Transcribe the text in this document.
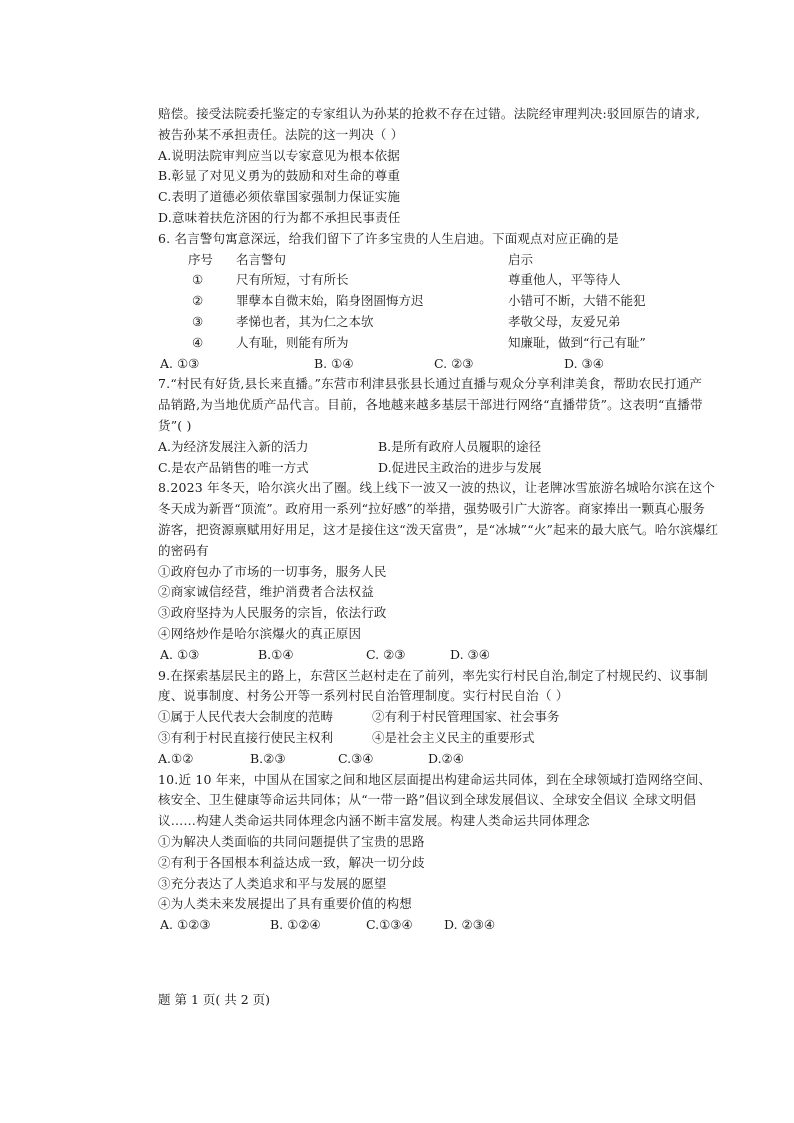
赔偿。接受法院委托鉴定的专家组认为孙某的抢救不存在过错。法院经审理判决:驳回原告的请求,
被告孙某不承担责任。法院的这一判决（ ）
A.说明法院审判应当以专家意见为根本依据
B.彰显了对见义勇为的鼓励和对生命的尊重
C.表明了道德必须依靠国家强制力保证实施
D.意味着扶危济困的行为都不承担民事责任
6. 名言警句寓意深远，给我们留下了许多宝贵的人生启迪。下面观点对应正确的是
序号 名言警句	启示
①	尺有所短，寸有所长	尊重他人，平等待人
②	罪孽本自微末始，陷身囹圄悔方迟	小错可不断，大错不能犯
③	孝悌也者，其为仁之本欤	孝敬父母，友爱兄弟
④	人有耻，则能有所为	知廉耻，做到“行己有耻”
A. ①③	B. ①④	C. ②③	D. ③④
7.“村民有好货,县长来直播。”东营市利津县张县长通过直播与观众分享利津美食，帮助农民打通产
品销路,为当地优质产品代言。目前，各地越来越多基层干部进行网络“直播带货”。这表明“直播带
货”( )
A.为经济发展注入新的活力	B.是所有政府人员履职的途径
C.是农产品销售的唯一方式	D.促进民主政治的进步与发展
8.2023 年冬天，哈尔滨火出了圈。线上线下一波又一波的热议，让老牌冰雪旅游名城哈尔滨在这个
冬天成为新晋“顶流”。政府用一系列“拉好感”的举措，强势吸引广大游客。商家捧出一颗真心服务
游客，把资源禀赋用好用足，这才是接住这“泼天富贵”，是“冰城”“火”起来的最大底气。哈尔滨爆红
的密码有
①政府包办了市场的一切事务，服务人民
②商家诚信经营，维护消费者合法权益
③政府坚持为人民服务的宗旨，依法行政
④网络炒作是哈尔滨爆火的真正原因
A. ①③	B.①④	C. ②③	D. ③④
9.在探索基层民主的路上，东营区兰赵村走在了前列，率先实行村民自治,制定了村规民约、议事制
度、说事制度、村务公开等一系列村民自治管理制度。实行村民自治（ ）
①属于人民代表大会制度的范畴	②有利于村民管理国家、社会事务
③有利于村民直接行使民主权利	④是社会主义民主的重要形式
A.①②	B.②③	C.③④	D.②④
10.近 10 年来，中国从在国家之间和地区层面提出构建命运共同体，到在全球领域打造网络空间、
核安全、卫生健康等命运共同体；从“一带一路”倡议到全球发展倡议、全球安全倡议 全球文明倡
议……构建人类命运共同体理念内涵不断丰富发展。构建人类命运共同体理念
①为解决人类面临的共同问题提供了宝贵的思路
②有利于各国根本利益达成一致，解决一切分歧
③充分表达了人类追求和平与发展的愿望
④为人类未来发展提出了具有重要价值的构想
A. ①②③	B. ①②④	C.①③④	D. ②③④
题 第 1 页( 共 2 页)
